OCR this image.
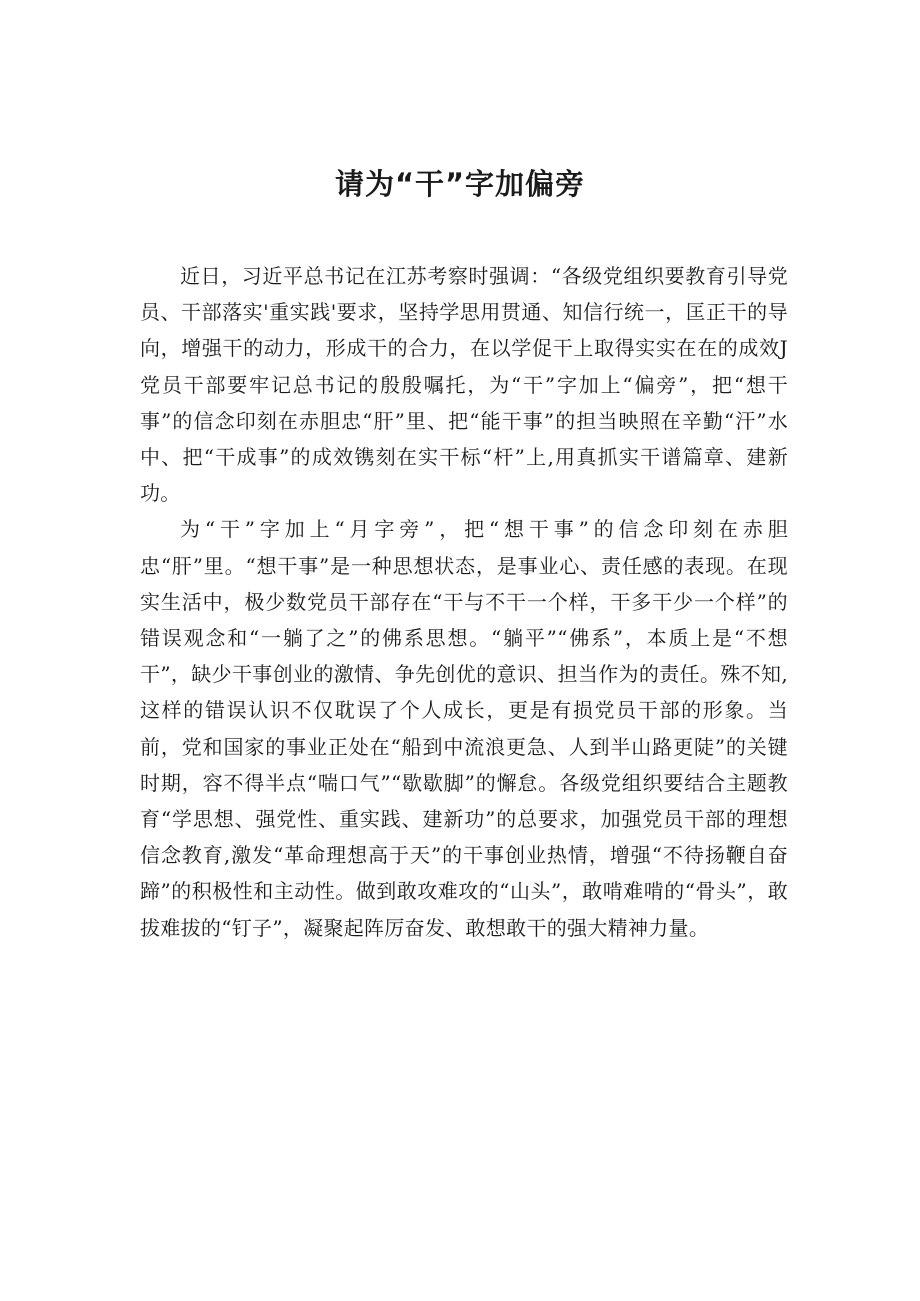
请为“干”字加偏旁

近日，习近平总书记在江苏考察时强调：“各级党组织要教育引导党员、干部落实'重实践'要求，坚持学思用贯通、知信行统一，匡正干的导向，增强干的动力，形成干的合力，在以学促干上取得实实在在的成效J党员干部要牢记总书记的殷殷嘱托，为“干”字加上“偏旁”，把“想干事”的信念印刻在赤胆忠“肝”里、把“能干事”的担当映照在辛勤“汗”水中、把“干成事”的成效镌刻在实干标“杆”上,用真抓实干谱篇章、建新功。

为“干”字加上“月字旁”，把“想干事”的信念印刻在赤胆忠“肝”里。“想干事”是一种思想状态，是事业心、责任感的表现。在现实生活中，极少数党员干部存在“干与不干一个样，干多干少一个样”的错误观念和“一躺了之”的佛系思想。“躺平”“佛系”，本质上是“不想干”，缺少干事创业的激情、争先创优的意识、担当作为的责任。殊不知,这样的错误认识不仅耽误了个人成长，更是有损党员干部的形象。当前，党和国家的事业正处在“船到中流浪更急、人到半山路更陡”的关键时期，容不得半点“喘口气”“歇歇脚”的懈怠。各级党组织要结合主题教育“学思想、强党性、重实践、建新功”的总要求，加强党员干部的理想信念教育,激发“革命理想高于天”的干事创业热情，增强“不待扬鞭自奋蹄”的积极性和主动性。做到敢攻难攻的“山头”，敢啃难啃的“骨头”，敢拔难拔的“钉子”，凝聚起阵厉奋发、敢想敢干的强大精神力量。
